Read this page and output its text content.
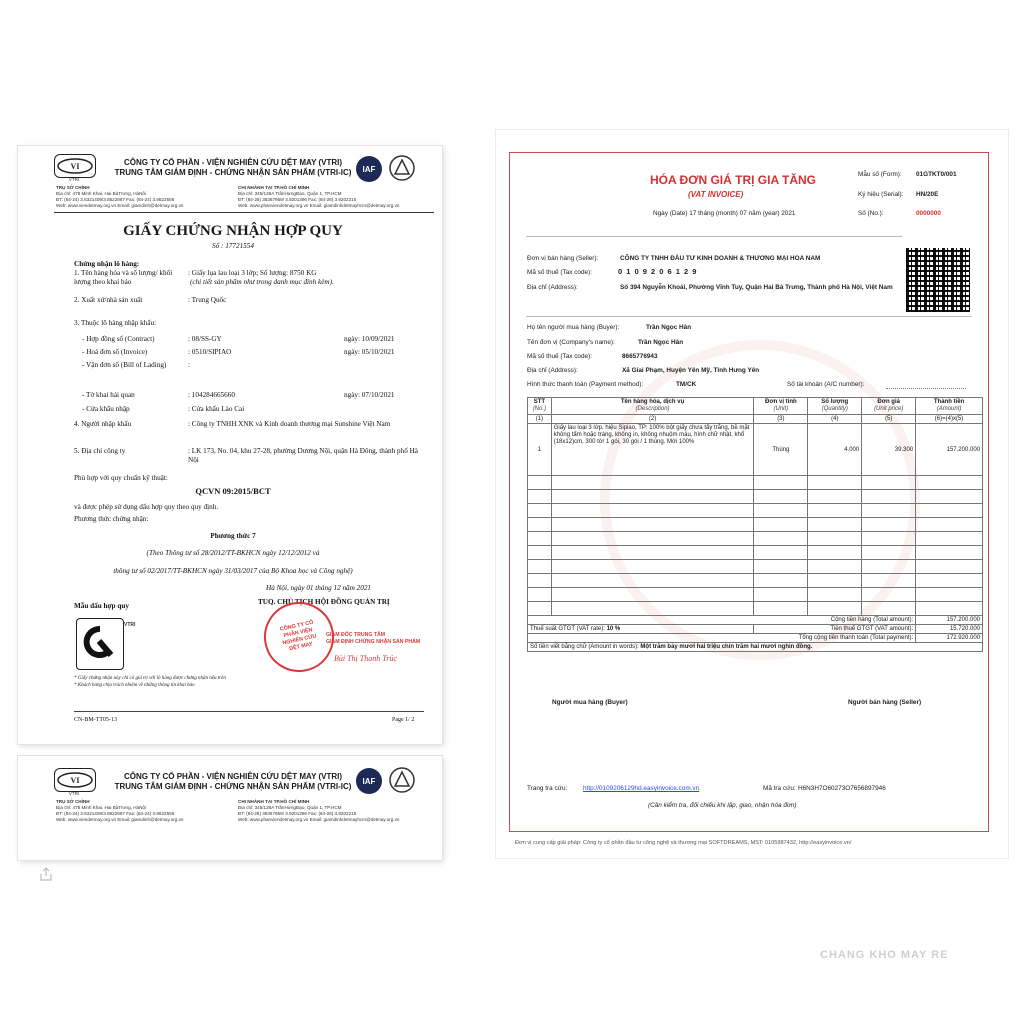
VI
VTRI
CÔNG TY CỔ PHẦN - VIỆN NGHIÊN CỨU DỆT MAY (VTRI)
TRUNG TÂM GIÁM ĐỊNH - CHỨNG NHẬN SẢN PHẨM (VTRI-IC)	IAF
TRỤ SỞ CHÍNH
Địa chỉ: 478 Minh Khai, Hai BàTrưng, HàNội
ĐT: (84-24) 3.6321409/3.8622867 Fax: (84-24) 3.8622556
Web: www.viendetmay.org.vn Email: giamdinh@detmay.org.vn
CHI NHÁNH TẠI TP.HỒ CHÍ MINH
Địa chỉ: 345/128A TrầnHưngĐạo, Quận 1, TP.HCM
ĐT: (84-28) 38367959/ 3.9201396 Fax: (84-28) 3.9202215
Web: www.phanviendetmay.org.vn Email: giamdinhdetmayhcm@detmay.org.vn
GIẤY CHỨNG NHẬN HỢP QUY
Số : 17721554
Chứng nhận lô hàng:
1. Tên hàng hóa và số lượng/ khối lượng theo khai báo
: Giấy lụa lau loại 3 lớp; Số lượng: 8750 KG
(chi tiết sản phẩm như trong danh mục đính kèm).
2. Xuất xứ/nhà sản xuất	: Trung Quốc
3. Thuộc lô hàng nhập khẩu:
- Hợp đồng số (Contract)	: 08/SS-GY	ngày: 10/09/2021
- Hoá đơn số (Invoice)	: 0510/SIPIAO	ngày: 05/10/2021
- Vận đơn số (Bill of Lading)	:
- Tờ khai hải quan	: 104284665660	ngày: 07/10/2021
- Cửa khẩu nhập	: Cửa khẩu Lào Cai
4. Người nhập khẩu	: Công ty TNHH XNK và Kinh doanh thương mại Sunshine Việt Nam
5. Địa chỉ công ty	: LK 173, No. 04, khu 27-28, phường Dương Nội, quận Hà Đông, thành phố Hà Nội
Phù hợp với quy chuẩn kỹ thuật:
QCVN 09:2015/BCT
và được phép sử dụng dấu hợp quy theo quy định.
Phương thức chứng nhận:
Phương thức 7
(Theo Thông tư số 28/2012/TT-BKHCN ngày 12/12/2012 và
thông tư số 02/2017/TT-BKHCN ngày 31/03/2017 của Bộ Khoa học và Công nghệ)
Hà Nội, ngày 01 tháng 12 năm 2021
TUQ. CHỦ TỊCH HỘI ĐỒNG QUẢN TRỊ
Mẫu dấu hợp quy
VTRI	CÔNG TY CỔ PHẦN VIỆN NGHIÊN CỨU DỆT MAY
GIÁM ĐỐC TRUNG TÂM
GIÁM ĐỊNH CHỨNG NHẬN SẢN PHẨM
Bùi Thị Thanh Trúc
* Giấy chứng nhận này chỉ có giá trị với lô hàng được chứng nhận nêu trên
* Khách hàng chịu trách nhiệm về những thông tin khai báo
CN-BM-TT05-13	Page 1/ 2
VI
VTRI
CÔNG TY CỔ PHẦN - VIỆN NGHIÊN CỨU DỆT MAY (VTRI)
TRUNG TÂM GIÁM ĐỊNH - CHỨNG NHẬN SẢN PHẨM (VTRI-IC)
IAF
TRỤ SỞ CHÍNH
Địa chỉ: 478 Minh Khai, Hai BàTrưng, HàNội
ĐT: (84-24) 3.6321409/3.8622867 Fax: (84-24) 3.8622556
Web: www.viendetmay.org.vn Email: giamdinh@detmay.org.vn
CHI NHÁNH TẠI TP.HỒ CHÍ MINH
Địa chỉ: 345/128A TrầnHưngĐạo, Quận 1, TP.HCM
ĐT: (84-28) 38367959/ 3.9201396 Fax: (84-28) 3.9202215
Web: www.phanviendetmay.org.vn Email: giamdinhdetmayhcm@detmay.org.vn
HÓA ĐƠN GIÁ TRỊ GIA TĂNG
(VAT INVOICE)
Ngày (Date) 17 tháng (month) 07 năm (year) 2021
Mẫu số (Form): 01GTKT0/001
Ký hiệu (Serial): HN/20E
Số (No.):	0000000
Đơn vị bán hàng (Seller):	CÔNG TY TNHH ĐẦU TƯ KINH DOANH & THƯƠNG MẠI HOA NAM
Mã số thuế (Tax code):	0 1 0 9 2 0 6 1 2 9
Địa chỉ (Address):	Số 394 Nguyễn Khoái, Phường Vĩnh Tuy, Quận Hai Bà Trưng, Thành phố Hà Nội, Việt Nam
Họ tên người mua hàng (Buyer):	Trần Ngọc Hân
Tên đơn vị (Company's name):	Trần Ngọc Hân
Mã số thuế (Tax code):	8665776943
Địa chỉ (Address):	Xã Giai Phạm, Huyện Yên Mỹ, Tỉnh Hưng Yên
Hình thức thanh toán (Payment method):	TM/CK	Số tài khoản (A/C number):
STT
(No.)	Tên hàng hóa, dịch vụ
(Description)	Đơn vị tính
(Unit)	Số lượng
(Quantity)	Đơn giá
(Unit price)	Thành tiền
(Amount)
(1)	(2)	(3)	(4)	(5)	(6)=(4)x(5)
1	Giấy lau loại 3 lớp, hiệu Sipiao, TP: 100% bột giấy chưa tẩy trắng, bề mặt không tẩm hoặc tráng, không in, không nhuộm màu, hình chữ nhật, khổ (18x12)cm, 300 tờ/ 1 gói, 30 gói / 1 thùng. Mới 100%	Thùng	4.000	39.300	157.200.000

Cộng tiền hàng (Total amount):					157.200.000
Thuế suất GTGT (VAT rate): 10 %		Tiền thuế GTGT (VAT amount):			15.720.000
Tổng cộng tiền thanh toán (Total payment):					172.920.000
Số tiền viết bằng chữ (Amount in words): Một trăm bảy mươi hai triệu chín trăm hai mươi nghìn đồng.					
Người mua hàng (Buyer)	Người bán hàng (Seller)
Trang tra cứu: http://0109206129hd.easyinvoice.com.vn	Mã tra cứu: H6N3H7O60273O7656897946
(Cần kiểm tra, đối chiếu khi lập, giao, nhận hóa đơn)
Đơn vị cung cấp giải pháp: Công ty cổ phần đầu tư công nghệ và thương mại SOFTDREAMS, MST: 0105987432, http://easyinvoice.vn/
CHANG KHO MAY RE
